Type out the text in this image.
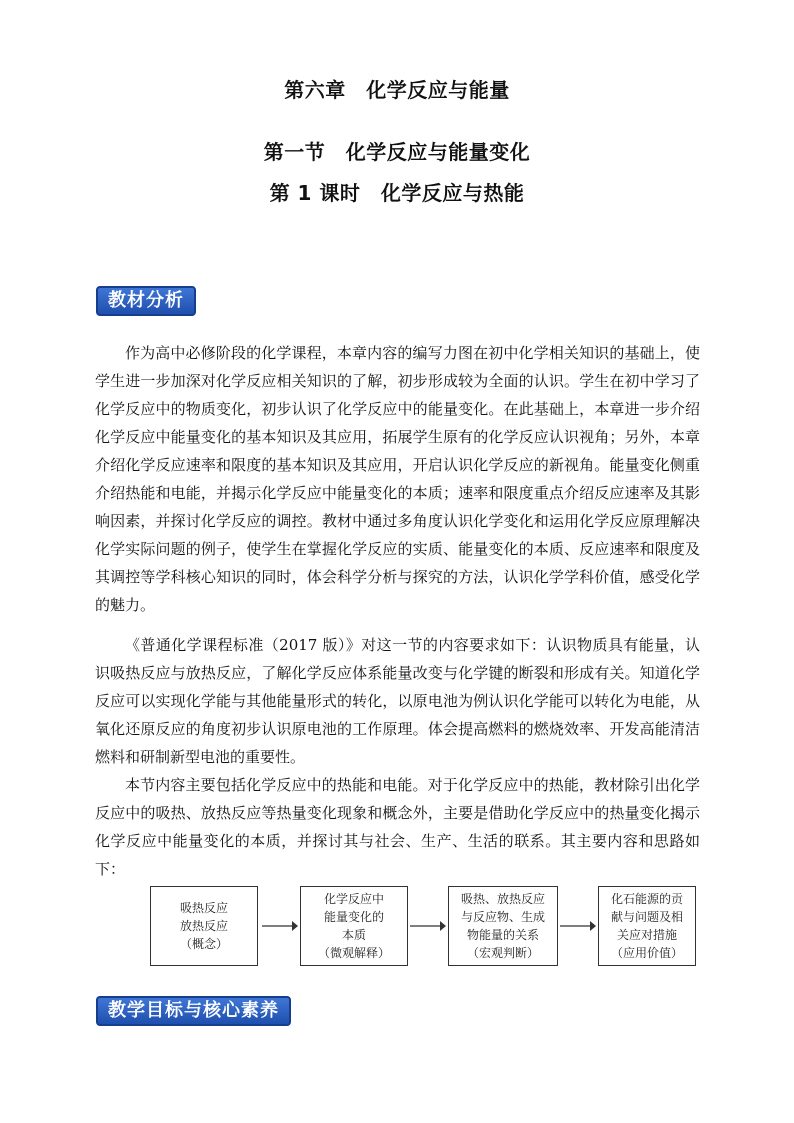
第六章　化学反应与能量
第一节　化学反应与能量变化
第 1 课时　化学反应与热能
教材分析

作为高中必修阶段的化学课程，本章内容的编写力图在初中化学相关知识的基础上，使学生进一步加深对化学反应相关知识的了解，初步形成较为全面的认识。学生在初中学习了化学反应中的物质变化，初步认识了化学反应中的能量变化。在此基础上，本章进一步介绍化学反应中能量变化的基本知识及其应用，拓展学生原有的化学反应认识视角；另外，本章介绍化学反应速率和限度的基本知识及其应用，开启认识化学反应的新视角。能量变化侧重介绍热能和电能，并揭示化学反应中能量变化的本质；速率和限度重点介绍反应速率及其影响因素，并探讨化学反应的调控。教材中通过多角度认识化学变化和运用化学反应原理解决化学实际问题的例子，使学生在掌握化学反应的实质、能量变化的本质、反应速率和限度及其调控等学科核心知识的同时，体会科学分析与探究的方法，认识化学学科价值，感受化学的魅力。

《普通化学课程标准（2017 版）》对这一节的内容要求如下：认识物质具有能量，认识吸热反应与放热反应，了解化学反应体系能量改变与化学键的断裂和形成有关。知道化学反应可以实现化学能与其他能量形式的转化，以原电池为例认识化学能可以转化为电能，从氧化还原反应的角度初步认识原电池的工作原理。体会提高燃料的燃烧效率、开发高能清洁燃料和研制新型电池的重要性。

本节内容主要包括化学反应中的热能和电能。对于化学反应中的热能，教材除引出化学反应中的吸热、放热反应等热量变化现象和概念外，主要是借助化学反应中的热量变化揭示化学反应中能量变化的本质，并探讨其与社会、生产、生活的联系。其主要内容和思路如下：

吸热反应
放热反应
（概念）
化学反应中
能量变化的
本质
（微观解释）
吸热、放热反应
与反应物、生成
物能量的关系
（宏观判断）
化石能源的贡
献与问题及相
关应对措施
（应用价值）
教学目标与核心素养
